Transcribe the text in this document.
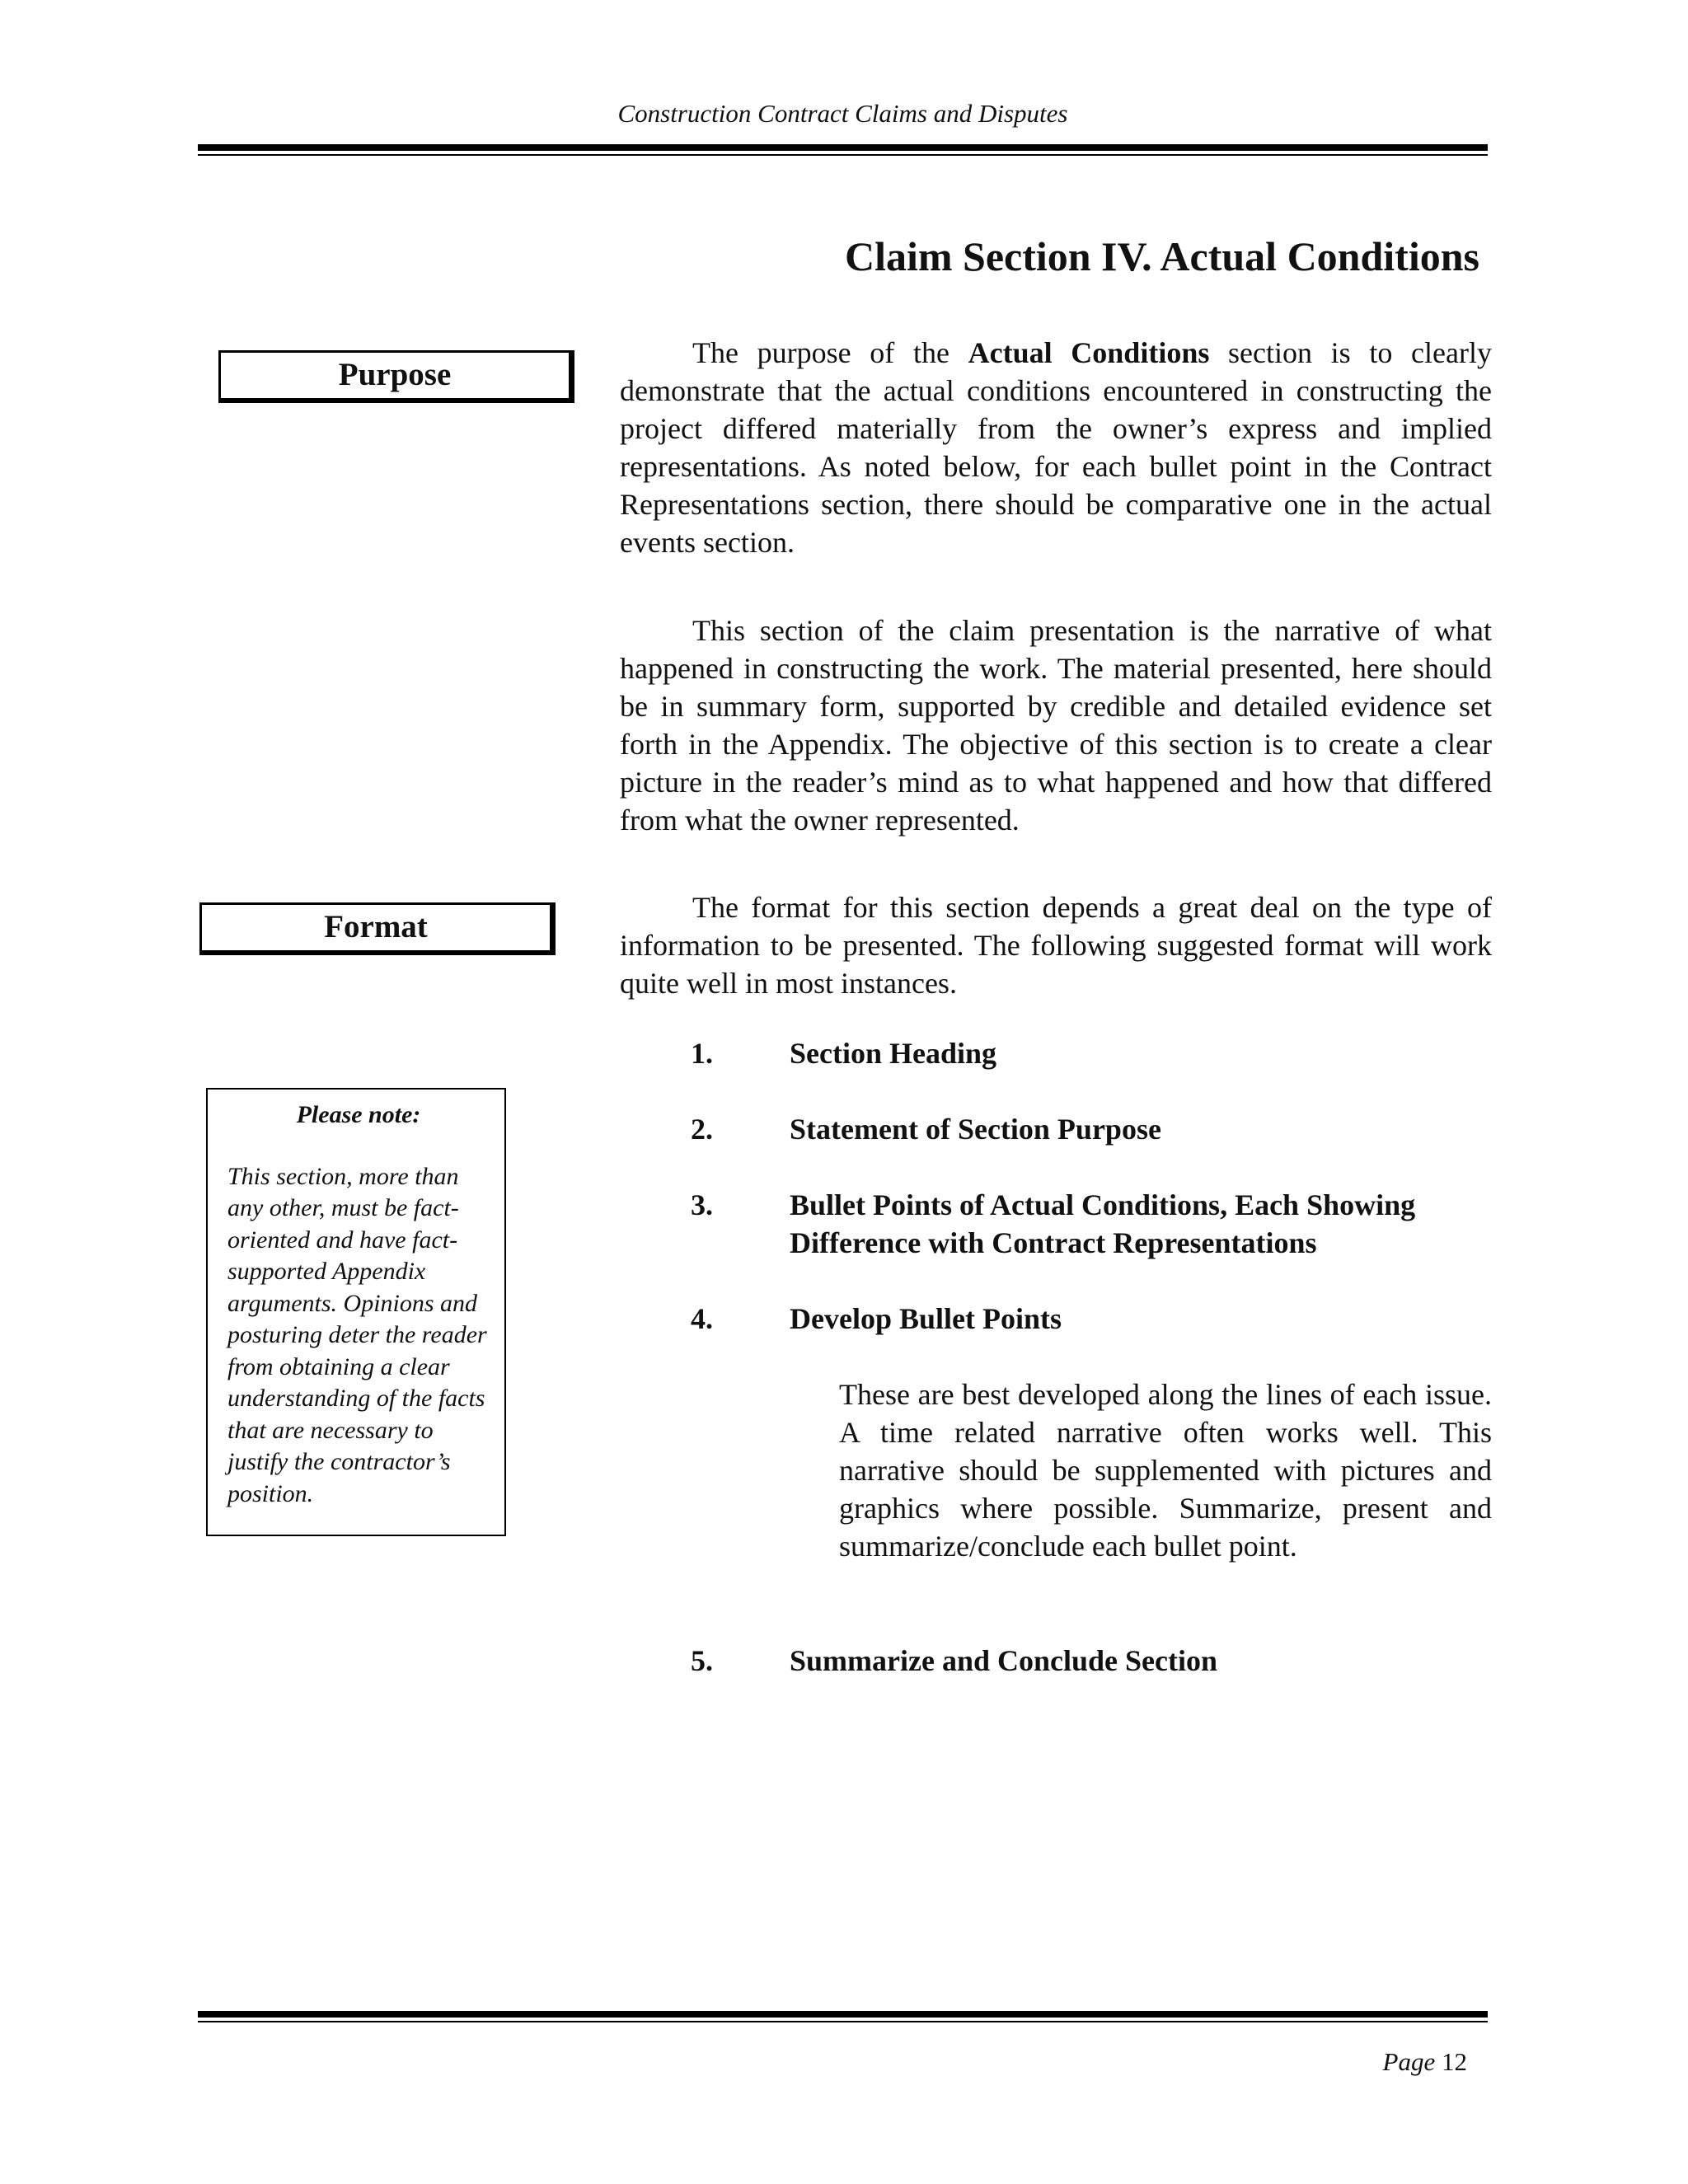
Construction Contract Claims and Disputes
Claim Section IV. Actual Conditions
Purpose

The purpose of the Actual Conditions section is to clearly demonstrate that the actual conditions encountered in constructing the project differed materially from the owner’s express and implied representations. As noted below, for each bullet point in the Contract Representations section, there should be comparative one in the actual events section.

This section of the claim presentation is the narrative of what happened in constructing the work. The material presented, here should be in summary form, supported by credible and detailed evidence set forth in the Appendix. The objective of this section is to create a clear picture in the reader’s mind as to what happened and how that differed from what the owner represented.

Format

The format for this section depends a great deal on the type of information to be presented. The following suggested format will work quite well in most instances.

Please note:

This section, more than any other, must be fact-oriented and have fact-supported Appendix arguments. Opinions and posturing deter the reader from obtaining a clear understanding of the facts that are necessary to justify the contractor’s position.

1.	Section Heading
2.	Statement of Section Purpose
3.	Bullet Points of Actual Conditions, Each Showing Difference with Contract Representations
4.	Develop Bullet Points

These are best developed along the lines of each issue. A time related narrative often works well. This narrative should be supplemented with pictures and graphics where possible. Summarize, present and summarize/conclude each bullet point.

5.	Summarize and Conclude Section
Page 12
